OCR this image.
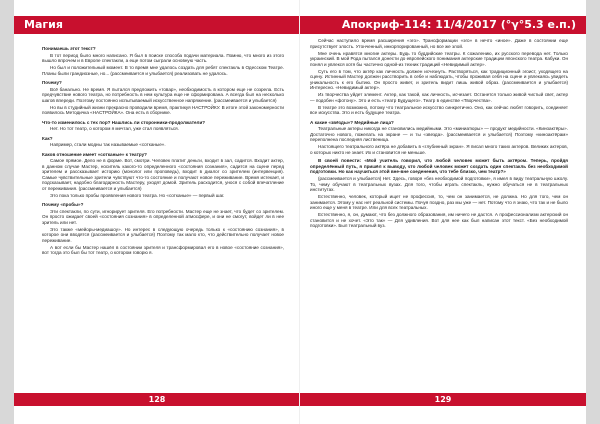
Магия
Понимаешь этот текст?
В тот период было много написано. Я был в поиске способа подачи материала. Помню, что много из этого вышло впрочем и в Европе спектакли, а еще потом сыграли основную часть.
Но был и положительный момент. В то время мне удалось создать для ребят спектакль в Одесском Театре. Планы были грандиозные, но... (рассмеивается и улыбается) реализовать не удалось.
Почему?
Всё банально. Не время. Я пытался предложить «товар», необходимость в котором еще не созрела. Есть предчувствие нового театра, но потребность в нем культура еще не сформирована. А всегда был на несколько шагов впереди. Поэтому постоянно испытываемый искусственное напряжение. (рассмеивается и улыбается)
Но вы в студийный жизни прекрасно проводили время, практикуя НАСТРОЙКУ. В итоге этой закономерности появилось Методичка «НАСТРОЙКА». Она есть в сборнике.
Что-то изменилось с тех пор? Нашлись ли сторонники-продолжатели?
Нет. Но тот театр, о котором я мечтал, уже стал появляться.
Как?
Например, стали модны так называемые «сотканые».
Каков отношение имеет «сотканые» к театру?
Самое прямое. Дело не в форме. Вот, смотри. Человек платит деньги, входит в зал, садится. Входит актер, в данном случае Мастер, носитель какого-то определенного «состояния сознания», садится на сцене перед зрителем и рассказывает историю (монолог или проповедь), входит в диалог со зрителем (интервенция). Самые чувствительные зрители чувствуют что-то состояние и получают новое переживание. Время истекает, и подсказывает, надобно благодарность Мастеру, уходят домой. Зритель расходится, унося с собой впечатление от переживания. (рассмеивается и улыбается)
Это пока только пробы проявления нового театра. Но «сотканые» — первый шаг.
Почему «пробы»?
Эти спектакли, по сути, игнорирует зрителя. Его потребности. Мастер еще не знает, что будет со зрителем. Он просто ожидает своей «состояния сознания» в определенной атмосфере, и они не смогут, войдет ли в нее зритель или нет.
Это также «мейоры-медиашоу». Но интерес в следующую очередь только к «состоянию сознания», в которое они вводятся (рассмеивается и улыбается) Поэтому так мало кто, что действительно получает новое переживание.
А вот если бы Мастер нашёл в состоянии зрителя и трансформировал его в новое «состояние сознания», вот тогда это был бы тот театр, о котором говорю я.
128
Апокриф-114: 11/4/2017 (°γ°5.3 е.п.)
Сейчас наступило время расширения «эго». Трансформации «эго» в нечто «иное». Даже в состоянии еще присутствует злость. Утонченный, инкорпорированный, но все же злой.
Мне очень нравятся многие актеры. Будь то буддийские театры. К сожалению, их русского перевода нет. Только украинский. В мой Рода пытался донести до европейского понимания актерские традиции японского театра. Кабуки. Он понял и увлекся хотя бы частично одной-из техник традиций «Невидимый актер».
Суть его в том, что актёр как личность должен исчезнуть. Растворяться, как традиционный эгоист, уходящего на сцену. Истинный Мастер должен расстворить в себе и наблюдать, чтобы проживая себя на сцене и увлекаясь увидеть уникальность к его бытию. Он просто живет, и зритель видит лишь живой образ. (рассмеивается и улыбается) Интересно. «Невидимый актер».
Из творчества уйдет элемент. Актер, как такой, как личность, исчезает. Останется только живой чистый свет, актер — подобен «фотону». Это и есть «театр Будущего». Театр в единстве «Творчества».
В театре это возможно, потому что театральное искусство синкретично. Оно, как сейчас любят говорить, соединяет все искусства. Это и есть будущее театра.
А какие «звёзды»? Медийные лица?
Театральные актеры никогда не становились медийными. Это «миниатюры» — продукт медийности. «Киноактёры». Достаточно нового, пожелать на экране — и ты «звезда». (рассмеивается и улыбается) Поэтому «киноактёрам» переполнена последняя лиственица.
Настоящего театрального актёра не добавить в «глубинный экран». Я писал много таких актеров. Великих актеров, о которых никто не знает. Их и становится не меньше.
В своей повести: «Мой учитель говорил, что любой человек может быть актёром. Теперь, пройдя определённый путь, я пришёл к выводу, что любой человек может создать один спектакль без необходимой подготовки. Но как научиться этой вне-вне соеденения, что тебе близко, чем театр?»
(рассмеивается и улыбается) Нет. Здесь, говоря «без необходимой подготовки», я имел в виду театральную школу. То, чему обучают в театральных вузах. Для того, чтобы играть спектакль, нужно обучаться не в театральных институтах.
Естественно, человек, который ищет не профессия, то, чем он занимается, не должна. Но для того, чем он занимается. Этому у нас нет реальной системы. Почуя поздно, раз мы уже — нет. Потому что я знаю, что так и не было иного еще у меня в театре. Или для всех театральных.
Естественно, я, он, думают, что без должного образования, им ничего не дастся. А профессионализм актерский он становится и не хочет. «Это так» — Для удивления. Вот для нее как был написан этот текст. «Без необходимой подготовки». Был театральный вуз.
129
